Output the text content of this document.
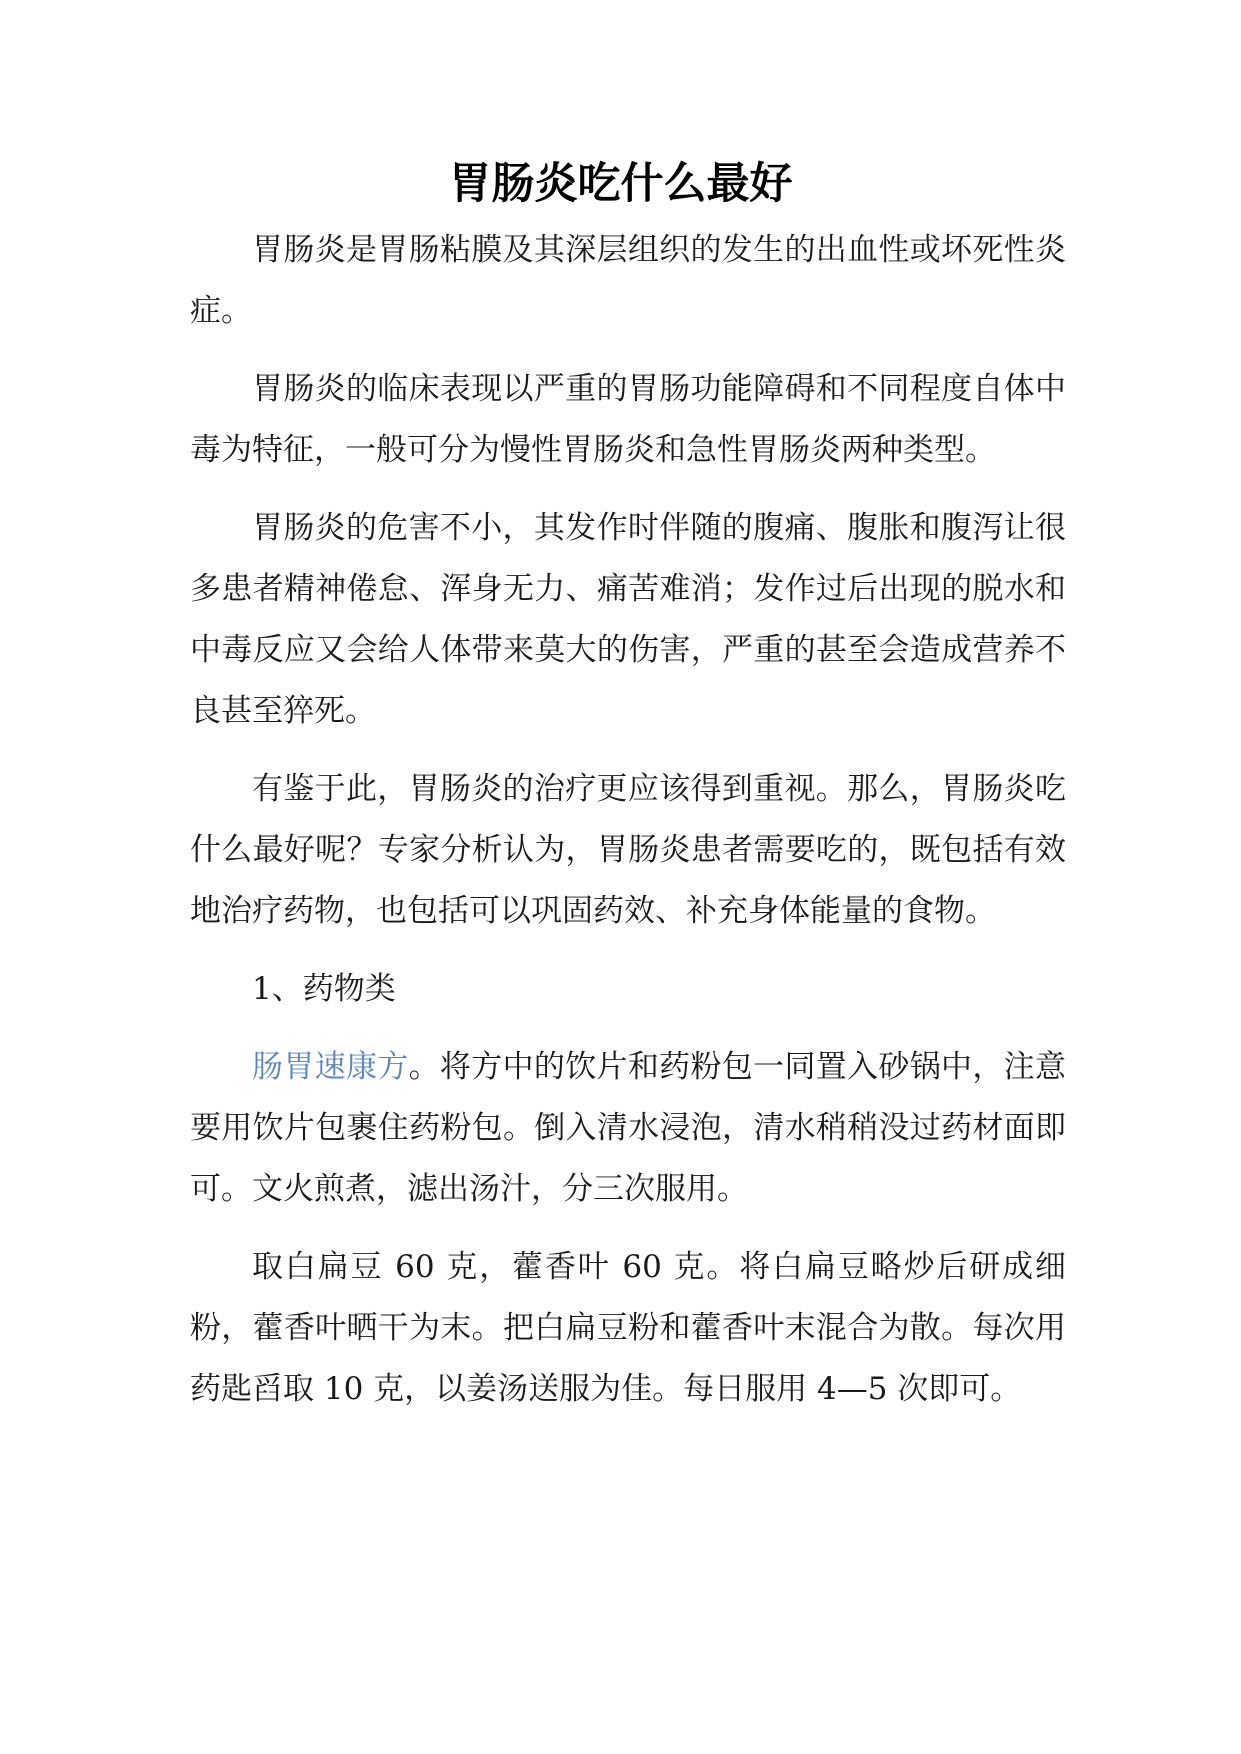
胃肠炎吃什么最好

胃肠炎是胃肠粘膜及其深层组织的发生的出血性或坏死性炎症。

胃肠炎的临床表现以严重的胃肠功能障碍和不同程度自体中毒为特征，一般可分为慢性胃肠炎和急性胃肠炎两种类型。

胃肠炎的危害不小，其发作时伴随的腹痛、腹胀和腹泻让很多患者精神倦怠、浑身无力、痛苦难消；发作过后出现的脱水和中毒反应又会给人体带来莫大的伤害，严重的甚至会造成营养不良甚至猝死。

有鉴于此，胃肠炎的治疗更应该得到重视。那么，胃肠炎吃什么最好呢？专家分析认为，胃肠炎患者需要吃的，既包括有效地治疗药物，也包括可以巩固药效、补充身体能量的食物。

1、药物类

肠胃速康方。将方中的饮片和药粉包一同置入砂锅中，注意要用饮片包裹住药粉包。倒入清水浸泡，清水稍稍没过药材面即可。文火煎煮，滤出汤汁，分三次服用。

取白扁豆 60 克，藿香叶 60 克。将白扁豆略炒后研成细粉，藿香叶晒干为末。把白扁豆粉和藿香叶末混合为散。每次用药匙舀取 10 克，以姜汤送服为佳。每日服用 4—5 次即可。
